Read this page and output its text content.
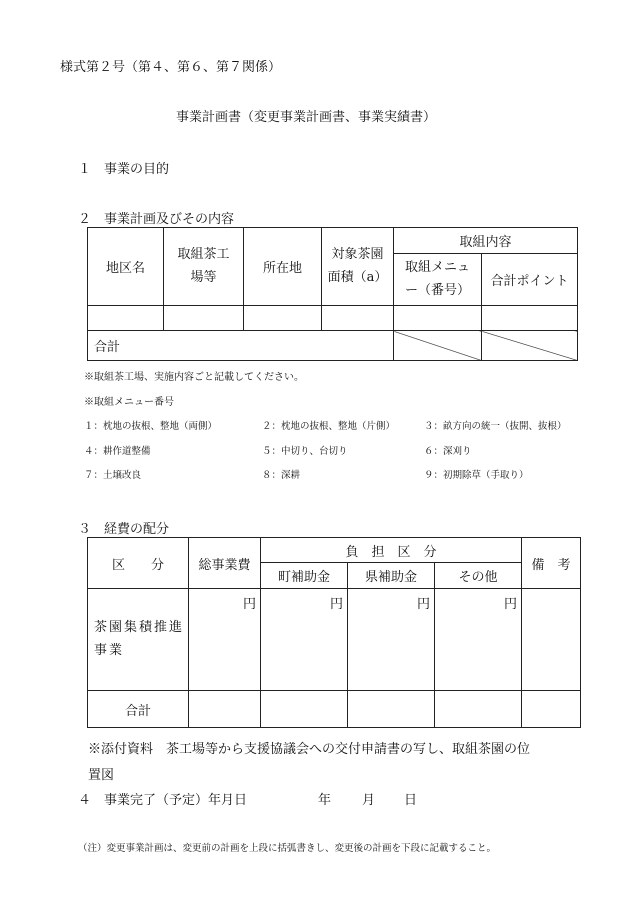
様式第２号（第４、第６、第７関係）
事業計画書（変更事業計画書、事業実績書）
１　事業の目的
２　事業計画及びその内容
地区名	取組茶工場等	所在地	対象茶園面積（a）	取組内容	
				取組メニュー（番号）	合計ポイント

合計					
※取組茶工場、実施内容ごと記載してください。
※取組メニュー番号
１：枕地の抜根、整地（両側）	２：枕地の抜根、整地（片側）	３：畝方向の統一（抜開、抜根）
４：耕作道整備	５：中切り、台切り	６：深刈り
７：土壌改良	８：深耕	９：初期除草（手取り）
３　経費の配分
区　　分	総事業費	負　担　区　分			備　考
		町補助金	県補助金	その他	
茶園集積推進事業	円	円	円	円	
合計					
※添付資料　茶工場等から支援協議会への交付申請書の写し、取組茶園の位
置図
４　事業完了（予定）年月日	年 月 日
（注）変更事業計画は、変更前の計画を上段に括弧書きし、変更後の計画を下段に記載すること。
